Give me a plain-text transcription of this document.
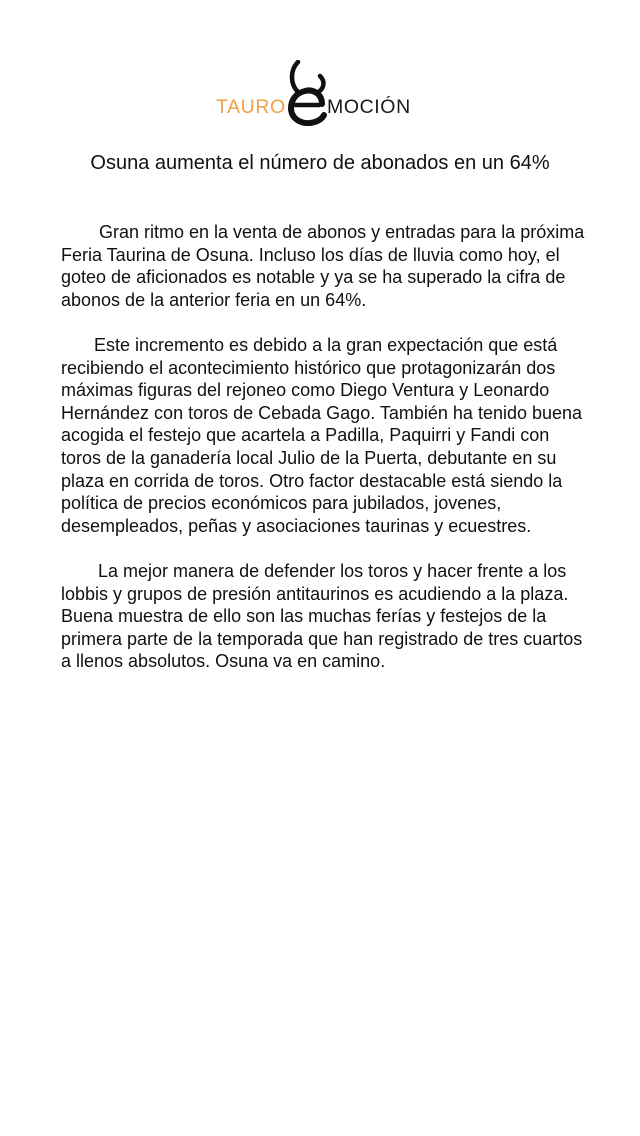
TAURO MOCIÓN
Osuna aumenta el número de abonados en un 64%

Gran ritmo en la venta de abonos y entradas para la próxima Feria Taurina de Osuna. Incluso los días de lluvia como hoy, el goteo de aficionados es notable y ya se ha superado la cifra de abonos de la anterior feria en un 64%.

Este incremento es debido a la gran expectación que está recibiendo el acontecimiento histórico que protagonizarán dos máximas figuras del rejoneo como Diego Ventura y Leonardo Hernández con toros de Cebada Gago. También ha tenido buena acogida el festejo que acartela a Padilla, Paquirri y Fandi con toros de la ganadería local Julio de la Puerta, debutante en su plaza en corrida de toros. Otro factor destacable está siendo la política de precios económicos para jubilados, jovenes, desempleados, peñas y asociaciones taurinas y ecuestres.

La mejor manera de defender los toros y hacer frente a los lobbis y grupos de presión antitaurinos es acudiendo a la plaza. Buena muestra de ello son las muchas ferías y festejos de la primera parte de la temporada que han registrado de tres cuartos a llenos absolutos. Osuna va en camino.
